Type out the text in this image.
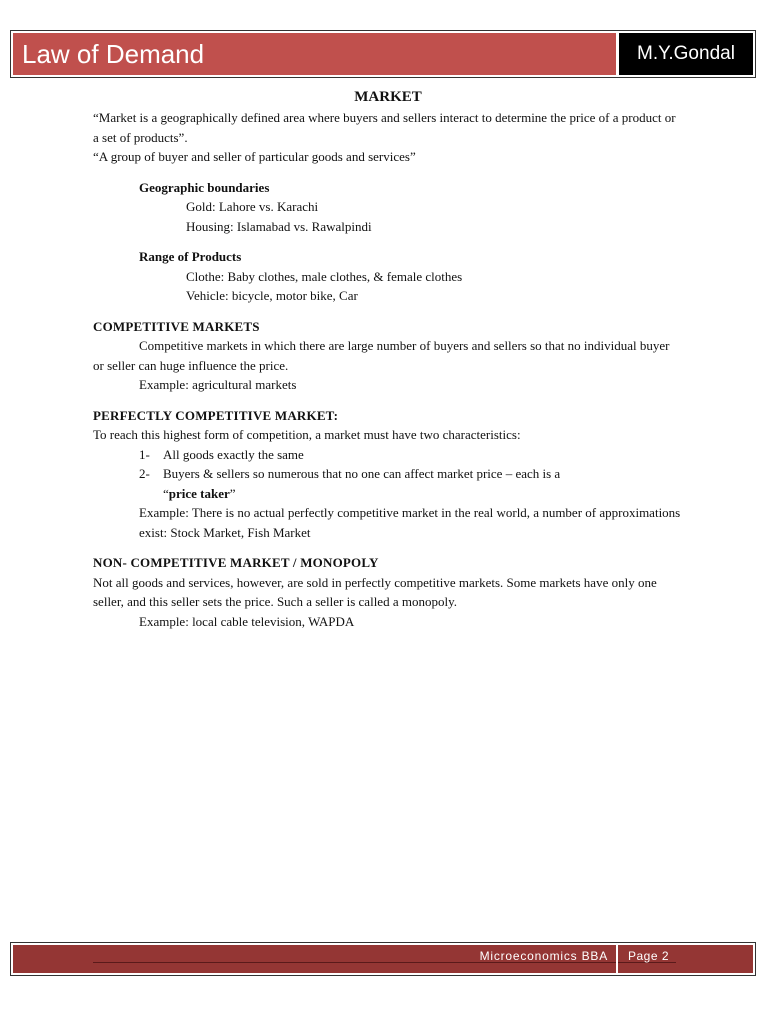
Law of Demand	M.Y.Gondal

MARKET

“Market is a geographically defined area where buyers and sellers interact to determine the price of a product or a set of products”.

“A group of buyer and seller of particular goods and services”

Geographic boundaries

Gold: Lahore vs. Karachi

Housing: Islamabad vs. Rawalpindi

Range of Products

Clothe: Baby clothes, male clothes, & female clothes

Vehicle: bicycle, motor bike, Car

COMPETITIVE MARKETS

Competitive markets in which there are large number of buyers and sellers so that no individual buyer or seller can huge influence the price.

Example: agricultural markets

PERFECTLY COMPETITIVE MARKET:

To reach this highest form of competition, a market must have two characteristics:

1- All goods exactly the same
2- Buyers & sellers so numerous that no one can affect market price – each is a

“price taker”

Example: There is no actual perfectly competitive market in the real world, a number of approximations exist: Stock Market, Fish Market

NON- COMPETITIVE MARKET / MONOPOLY

Not all goods and services, however, are sold in perfectly competitive markets. Some markets have only one seller, and this seller sets the price. Such a seller is called a monopoly.

Example: local cable television, WAPDA

Microeconomics BBA Page 2
